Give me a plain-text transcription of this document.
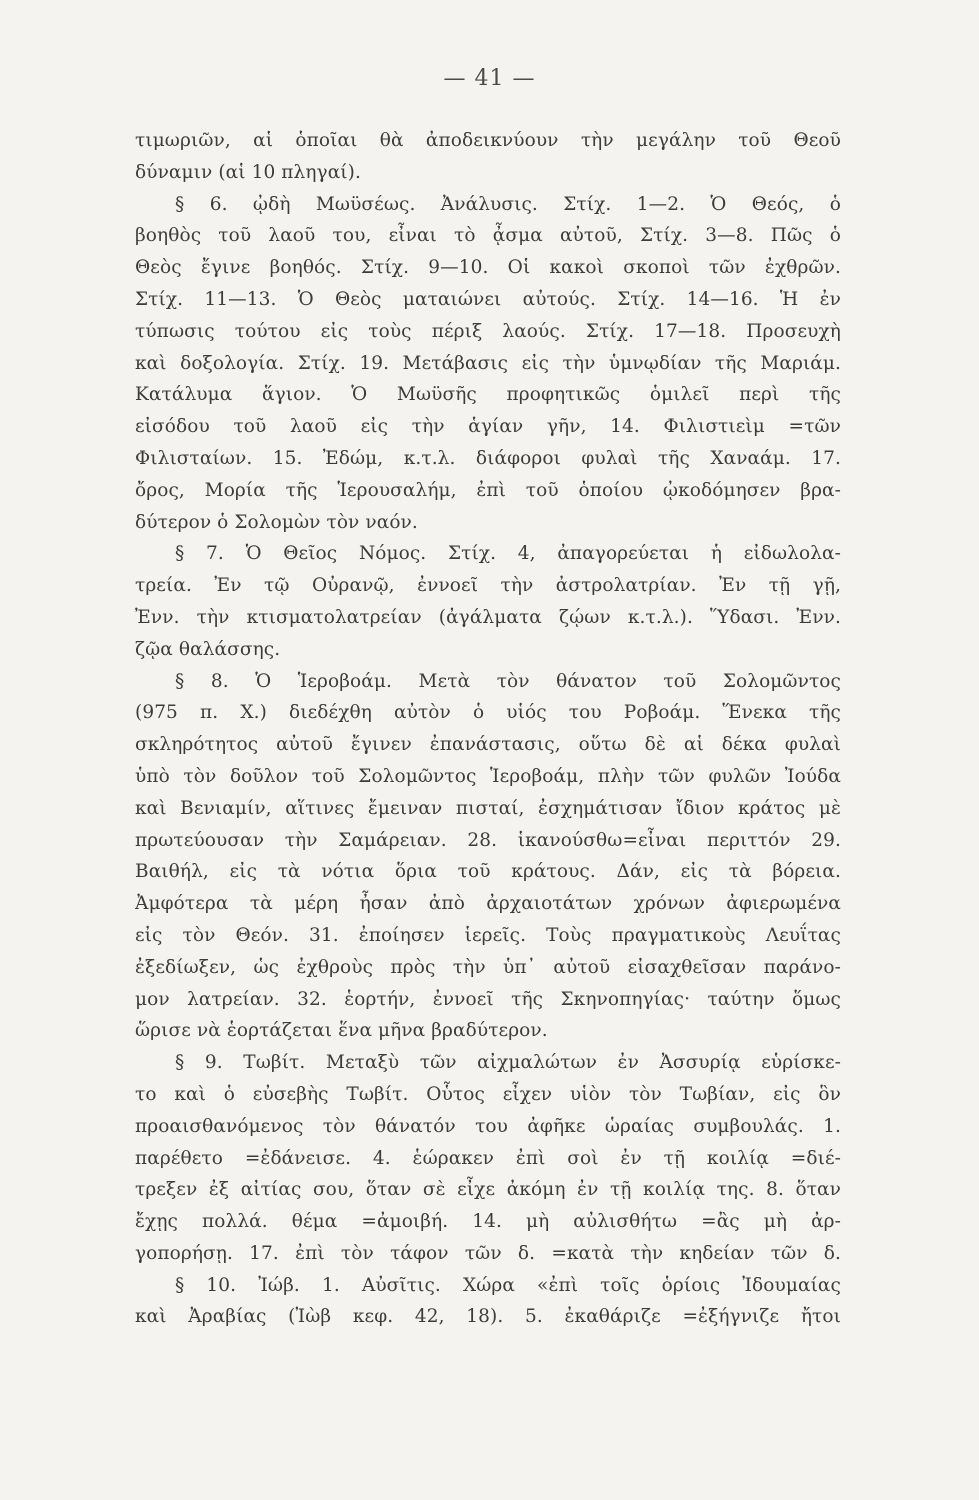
— 41 —
τιμωριῶν, αἱ ὁποῖαι θὰ ἀποδεικνύουν τὴν μεγάλην τοῦ Θεοῦ
δύναμιν (αἱ 10 πληγαί).
§ 6. ᾠδὴ Μωϋσέως. Ἀνάλυσις. Στίχ. 1—2. Ὁ Θεός, ὁ
βοηθὸς τοῦ λαοῦ του, εἶναι τὸ ᾆσμα αὐτοῦ, Στίχ. 3—8. Πῶς ὁ
Θεὸς ἔγινε βοηθός. Στίχ. 9—10. Οἱ κακοὶ σκοποὶ τῶν ἐχθρῶν.
Στίχ. 11—13. Ὁ Θεὸς ματαιώνει αὐτούς. Στίχ. 14—16. Ἡ ἐν
τύπωσις τούτου εἰς τοὺς πέριξ λαούς. Στίχ. 17—18. Προσευχὴ
καὶ δοξολογία. Στίχ. 19. Μετάβασις εἰς τὴν ὑμνῳδίαν τῆς Μαριάμ.
Κατάλυμα ἅγιον. Ὁ Μωϋσῆς προφητικῶς ὁμιλεῖ περὶ τῆς
εἰσόδου τοῦ λαοῦ εἰς τὴν ἁγίαν γῆν, 14. Φιλιστιεὶμ =τῶν
Φιλισταίων. 15. Ἐδώμ, κ.τ.λ. διάφοροι φυλαὶ τῆς Χαναάμ. 17.
ὄρος, Μορία τῆς Ἱερουσαλήμ, ἐπὶ τοῦ ὁποίου ᾠκοδόμησεν βρα-
δύτερον ὁ Σολομὼν τὸν ναόν.
§ 7. Ὁ Θεῖος Νόμος. Στίχ. 4, ἀπαγορεύεται ἡ εἰδωλολα-
τρεία. Ἐν τῷ Οὐρανῷ, ἐννοεῖ τὴν ἀστρολατρίαν. Ἐν τῇ γῇ,
Ἐνν. τὴν κτισματολατρείαν (ἀγάλματα ζῴων κ.τ.λ.). Ὕδασι. Ἐνν.
ζῷα θαλάσσης.
§ 8. Ὁ Ἱεροβοάμ. Μετὰ τὸν θάνατον τοῦ Σολομῶντος
(975 π. Χ.) διεδέχθη αὐτὸν ὁ υἱός του Ροβοάμ. Ἕνεκα τῆς
σκληρότητος αὐτοῦ ἔγινεν ἐπανάστασις, οὕτω δὲ αἱ δέκα φυλαὶ
ὑπὸ τὸν δοῦλον τοῦ Σολομῶντος Ἱεροβοάμ, πλὴν τῶν φυλῶν Ἰούδα
καὶ Βενιαμίν, αἵτινες ἔμειναν πισταί, ἐσχημάτισαν ἴδιον κράτος μὲ
πρωτεύουσαν τὴν Σαμάρειαν. 28. ἱκανούσθω=εἶναι περιττόν 29.
Βαιθήλ, εἰς τὰ νότια ὅρια τοῦ κράτους. Δάν, εἰς τὰ βόρεια.
Ἀμφότερα τὰ μέρη ἦσαν ἀπὸ ἀρχαιοτάτων χρόνων ἀφιερωμένα
εἰς τὸν Θεόν. 31. ἐποίησεν ἱερεῖς. Τοὺς πραγματικοὺς Λευΐτας
ἐξεδίωξεν, ὡς ἐχθροὺς πρὸς τὴν ὑπ᾽ αὐτοῦ εἰσαχθεῖσαν παράνο-
μον λατρείαν. 32. ἑορτήν, ἐννοεῖ τῆς Σκηνοπηγίας· ταύτην ὅμως
ὥρισε νὰ ἑορτάζεται ἕνα μῆνα βραδύτερον.
§ 9. Τωβίτ. Μεταξὺ τῶν αἰχμαλώτων ἐν Ἀσσυρίᾳ εὑρίσκε-
το καὶ ὁ εὐσεβὴς Τωβίτ. Οὗτος εἶχεν υἱὸν τὸν Τωβίαν, εἰς ὃν
προαισθανόμενος τὸν θάνατόν του ἀφῆκε ὡραίας συμβουλάς. 1.
παρέθετο =ἐδάνεισε. 4. ἑώρακεν ἐπὶ σοὶ ἐν τῇ κοιλίᾳ =διέ-
τρεξεν ἐξ αἰτίας σου, ὅταν σὲ εἶχε ἀκόμη ἐν τῇ κοιλίᾳ της. 8. ὅταν
ἔχῃς πολλά. θέμα =ἀμοιβή. 14. μὴ αὐλισθήτω =ἂς μὴ ἀρ-
γοπορήσῃ. 17. ἐπὶ τὸν τάφον τῶν δ. =κατὰ τὴν κηδείαν τῶν δ.
§ 10. Ἰώβ. 1. Αὐσῖτις. Χώρα «ἐπὶ τοῖς ὁρίοις Ἰδουμαίας
καὶ Ἀραβίας (Ἰὼβ κεφ. 42, 18). 5. ἐκαθάριζε =ἐξήγνιζε ἤτοι
